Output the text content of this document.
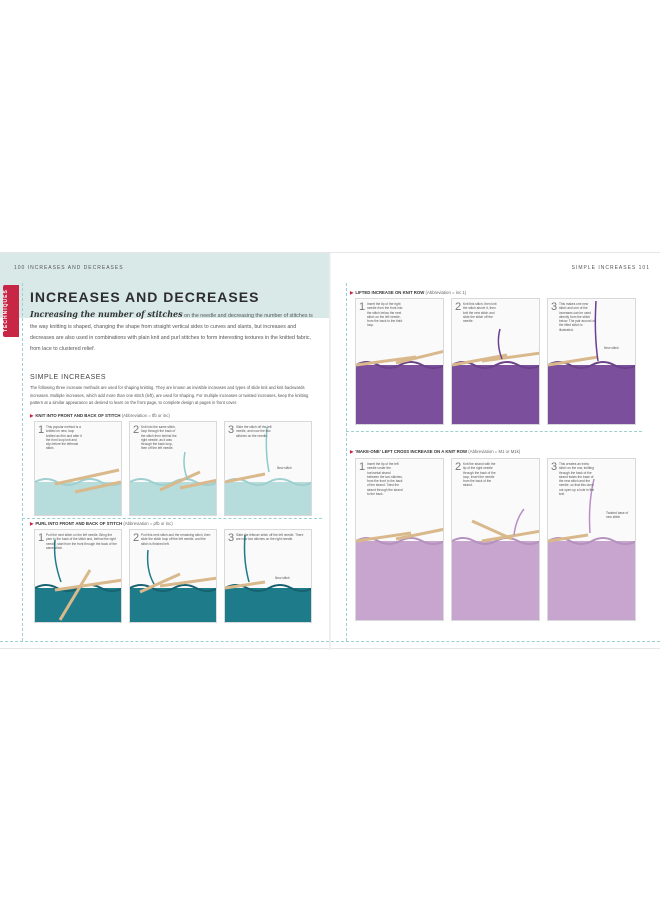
100 INCREASES AND DECREASES	SIMPLE INCREASES 101
TECHNIQUES	INCREASES AND DECREASES
Increasing the number of stitches on the needle and decreasing the number of stitches is the way knitting is shaped, changing the shape from straight vertical sides to curves and slants, but increases and decreases are also used in combinations with plain knit and purl stitches to form interesting textures in the knitted fabric, from lace to clustered relief.
SIMPLE INCREASES
The following three increase methods are used for shaping knitting. They are known as invisible increases and types of slide knit and knit backwards increases. Multiple increases, which add more than one stitch (left), are used for shaping. For multiple increases or twisted increases, keep the knitting pattern at a similar appearance as desired to learn on the front page, to complete design at pages in front cover.
▶ KNIT INTO FRONT AND BACK OF STITCH (Abbreviation = tfb or inc)
1 This popular method is a knitted on new, loop knitted as firm and after it the front loop knit and slip before the leftmost stitch.
2 Knit into the same stitch, loop through the back of the stitch then behind the right needle, as it was through the back loop, then off the left needle.
3 Slide the stitch off the left needle, and now the two stitches on the needle.
New stitch
▶ PURL INTO FRONT AND BACK OF STITCH (Abbreviation = pfb or inc)
1 Purl the next stitch on the left needle. Bring the yarn to the back of the stitch and, behind the right needle, start from the front through the back of the same stitch.
2 Purl this next stitch and the remaining stitch, then slide the stitch loop off the left needle, and the stitch is finished left.	3 Slide the leftover stitch off the left needle. There are now two stitches on the right needle.
New stitch
▶ LIFTED INCREASE ON KNIT ROW (Abbreviation = inc 1)
1 Insert the tip of the right needle from the front into the stitch below the next stitch on the left needle, from the back to the third loop.
2 Knit this stitch, then knit the stitch above it, then knit the new stitch and slide the stitch off the needle.
3 This makes one new stitch and one of the increases can be used directly from the stitch below. The pair around of the lifted stitch is illustrated.
New stitch
▶ 'MAKE-ONE' LEFT CROSS INCREASE ON A KNIT ROW (Abbreviation = M1 or M1k)
1 Insert the tip of the left needle under the horizontal strand between the two stitches, from the front to the back of the strand. Twist the strand through the strand to the back.
2 Knit the strand with the tip of the right needle through the back of the loop, insert the needle from the back of the strand.
3 This creates an extra stitch on the row, knitting through the back of the strand twists the base of the new stitch and the needle, so that this does not open up a hole in the knit.
Twisted base of new stitch
